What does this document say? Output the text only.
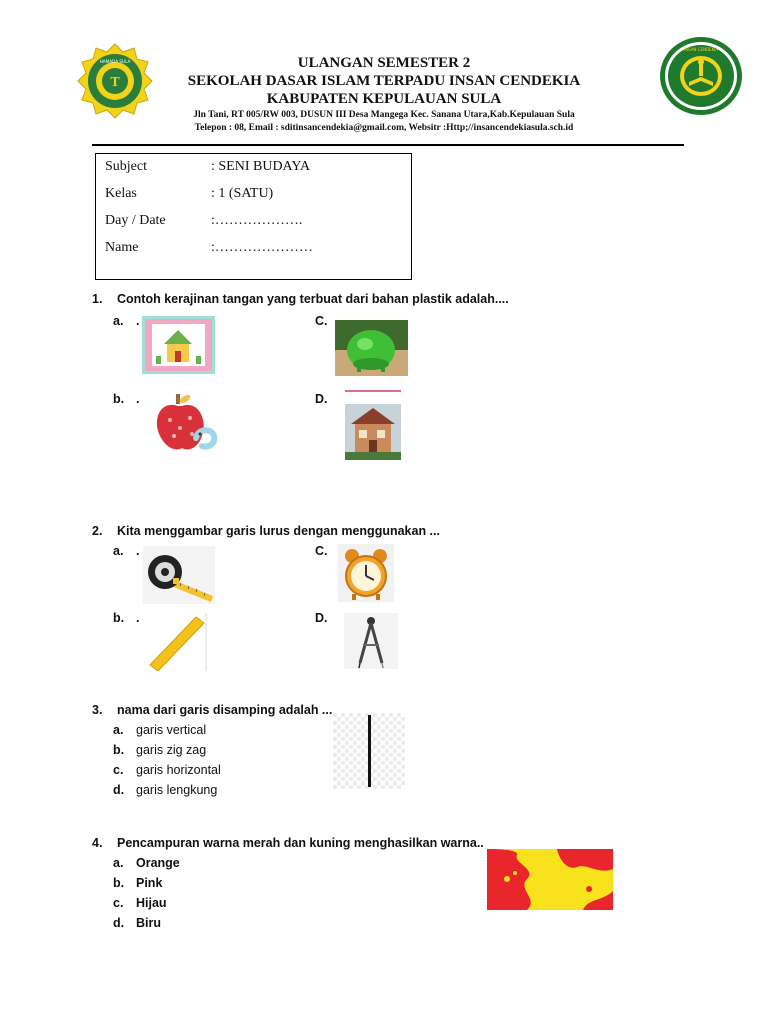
T
HAMADA SULA
INSAN CENDEKIA
ULANGAN SEMESTER 2
SEKOLAH DASAR ISLAM TERPADU INSAN CENDEKIA
KABUPATEN KEPULAUAN SULA
Jln Tani, RT 005/RW 003, DUSUN III Desa Mangega Kec. Sanana Utara,Kab.Kepulauan Sula
Telepon : 08, Email : sditinsancendekia@gmail.com, Websitr :Http;//insancendekiasula.sch.id
Subject	: SENI BUDAYA
Kelas	: 1 (SATU)
Day / Date	:……………….
Name	:…………………
1. Contoh kerajinan tangan yang terbuat dari bahan plastik adalah....
a. .	C.
b. .	D.
2. Kita menggambar garis lurus dengan menggunakan ...
a. .	C.
b. .	D.
3. nama dari garis disamping adalah ...
a. garis vertical
b. garis zig zag
c. garis horizontal
d. garis lengkung
4. Pencampuran warna merah dan kuning menghasilkan warna..
a. Orange
b. Pink
c. Hijau
d. Biru
